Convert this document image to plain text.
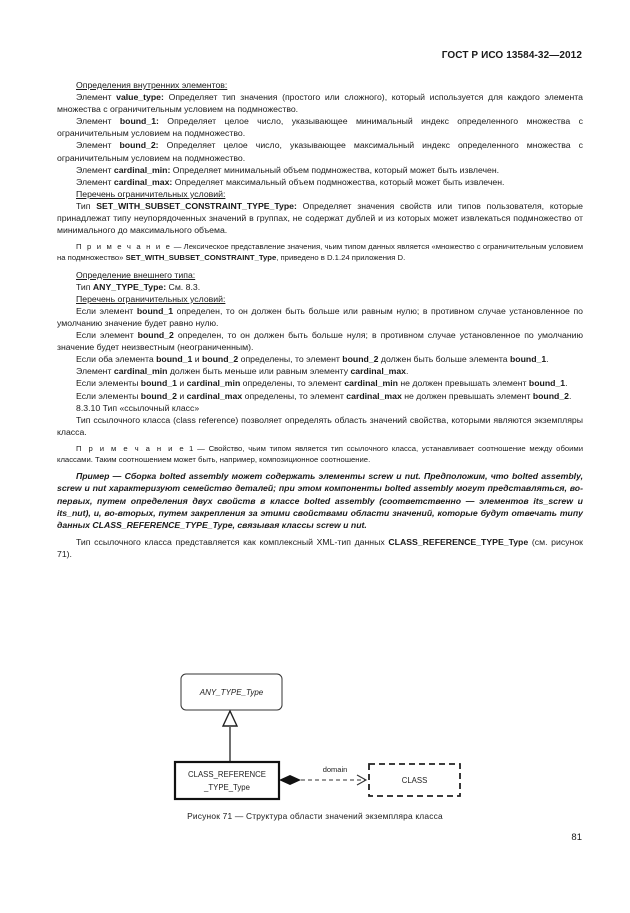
ГОСТ Р ИСО 13584-32—2012

Определения внутренних элементов:

Элемент value_type: Определяет тип значения (простого или сложного), который используется для каждого элемента множества с ограничительным условием на подмножество.

Элемент bound_1: Определяет целое число, указывающее минимальный индекс определенного множества с ограничительным условием на подмножество.

Элемент bound_2: Определяет целое число, указывающее максимальный индекс определенного множества с ограничительным условием на подмножество.

Элемент cardinal_min: Определяет минимальный объем подмножества, который может быть извлечен.

Элемент cardinal_max: Определяет максимальный объем подмножества, который может быть извлечен.

Перечень ограничительных условий:

Тип SET_WITH_SUBSET_CONSTRAINT_TYPE_Type: Определяет значения свойств или типов пользователя, которые принадлежат типу неупорядоченных значений в группах, не содержат дублей и из которых может извлекаться подмножество от минимального до максимального объема.

П р и м е ч а н и е — Лексическое представление значения, чьим типом данных является «множество с ограничительным условием на подмножество» SET_WITH_SUBSET_CONSTRAINT_Type, приведено в D.1.24 приложения D.

Определение внешнего типа:

Тип ANY_TYPE_Type: См. 8.3.

Перечень ограничительных условий:

Если элемент bound_1 определен, то он должен быть больше или равным нулю; в противном случае установленное по умолчанию значение будет равно нулю.

Если элемент bound_2 определен, то он должен быть больше нуля; в противном случае установленное по умолчанию значение будет неизвестным (неограниченным).

Если оба элемента bound_1 и bound_2 определены, то элемент bound_2 должен быть больше элемента bound_1.

Элемент cardinal_min должен быть меньше или равным элементу cardinal_max.

Если элементы bound_1 и cardinal_min определены, то элемент cardinal_min не должен превышать элемент bound_1.

Если элементы bound_2 и cardinal_max определены, то элемент cardinal_max не должен превышать элемент bound_2.

8.3.10 Тип «ссылочный класс»

Тип ссылочного класса (class reference) позволяет определять область значений свойства, которыми являются экземпляры класса.

П р и м е ч а н и е 1 — Свойство, чьим типом является тип ссылочного класса, устанавливает соотношение между обоими классами. Таким соотношением может быть, например, композиционное соотношение.

Пример — Сборка bolted assembly может содержать элементы screw и nut. Предположим, что bolted assembly, screw и nut характеризуют семейство деталей; при этом компоненты bolted assembly могут представляться, во-первых, путем определения двух свойств в классе bolted assembly (соответственно — элементов its_screw и its_nut), и, во-вторых, путем закрепления за этими свойствами области значений, которые будут отвечать типу данных CLASS_REFERENCE_TYPE_Type, связывая классы screw и nut.

Тип ссылочного класса представляется как комплексный XML-тип данных CLASS_REFERENCE_TYPE_Type (см. рисунок 71).

ANY_TYPE_Type
CLASS_REFERENCE
_TYPE_Type
domain
CLASS
Рисунок 71 — Структура области значений экземпляра класса
81
